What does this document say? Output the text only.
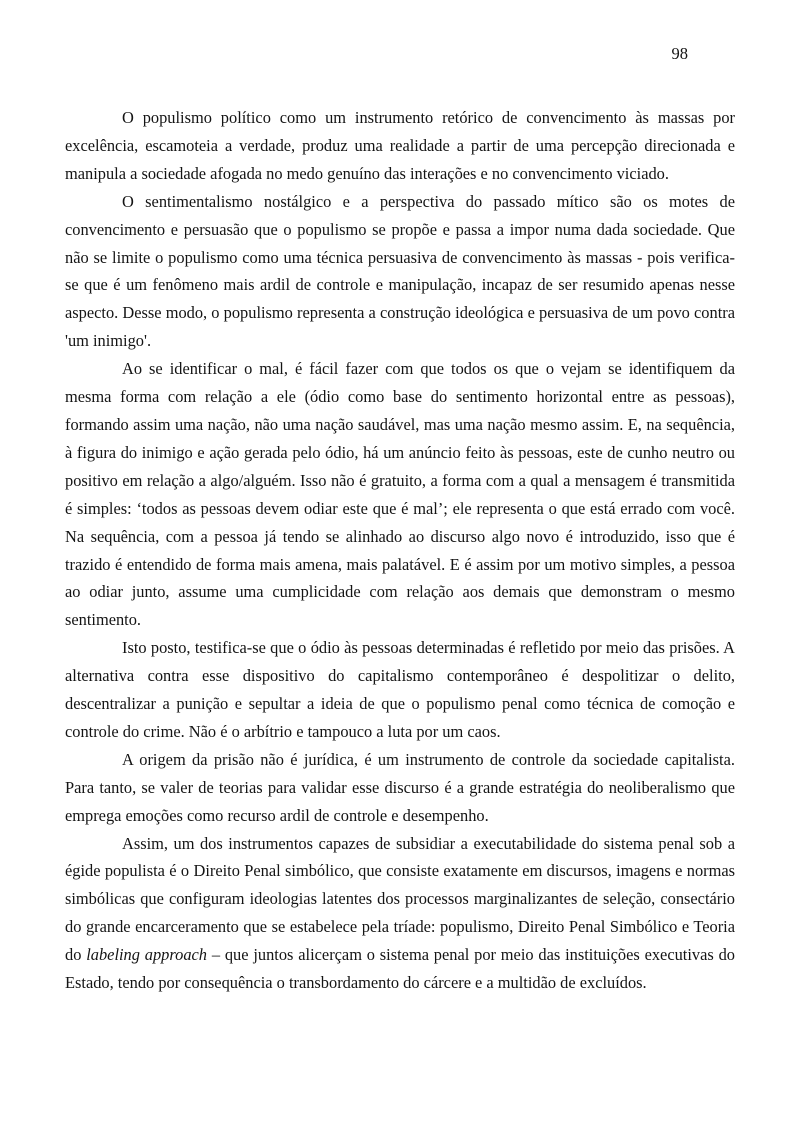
98

O populismo político como um instrumento retórico de convencimento às massas por excelência, escamoteia a verdade, produz uma realidade a partir de uma percepção direcionada e manipula a sociedade afogada no medo genuíno das interações e no convencimento viciado.

O sentimentalismo nostálgico e a perspectiva do passado mítico são os motes de convencimento e persuasão que o populismo se propõe e passa a impor numa dada sociedade. Que não se limite o populismo como uma técnica persuasiva de convencimento às massas - pois verifica-se que é um fenômeno mais ardil de controle e manipulação, incapaz de ser resumido apenas nesse aspecto. Desse modo, o populismo representa a construção ideológica e persuasiva de um povo contra 'um inimigo'.

Ao se identificar o mal, é fácil fazer com que todos os que o vejam se identifiquem da mesma forma com relação a ele (ódio como base do sentimento horizontal entre as pessoas), formando assim uma nação, não uma nação saudável, mas uma nação mesmo assim. E, na sequência, à figura do inimigo e ação gerada pelo ódio, há um anúncio feito às pessoas, este de cunho neutro ou positivo em relação a algo/alguém. Isso não é gratuito, a forma com a qual a mensagem é transmitida é simples: ‘todos as pessoas devem odiar este que é mal’; ele representa o que está errado com você. Na sequência, com a pessoa já tendo se alinhado ao discurso algo novo é introduzido, isso que é trazido é entendido de forma mais amena, mais palatável. E é assim por um motivo simples, a pessoa ao odiar junto, assume uma cumplicidade com relação aos demais que demonstram o mesmo sentimento.

Isto posto, testifica-se que o ódio às pessoas determinadas é refletido por meio das prisões. A alternativa contra esse dispositivo do capitalismo contemporâneo é despolitizar o delito, descentralizar a punição e sepultar a ideia de que o populismo penal como técnica de comoção e controle do crime. Não é o arbítrio e tampouco a luta por um caos.

A origem da prisão não é jurídica, é um instrumento de controle da sociedade capitalista. Para tanto, se valer de teorias para validar esse discurso é a grande estratégia do neoliberalismo que emprega emoções como recurso ardil de controle e desempenho.

Assim, um dos instrumentos capazes de subsidiar a executabilidade do sistema penal sob a égide populista é o Direito Penal simbólico, que consiste exatamente em discursos, imagens e normas simbólicas que configuram ideologias latentes dos processos marginalizantes de seleção, consectário do grande encarceramento que se estabelece pela tríade: populismo, Direito Penal Simbólico e Teoria do labeling approach – que juntos alicerçam o sistema penal por meio das instituições executivas do Estado, tendo por consequência o transbordamento do cárcere e a multidão de excluídos.
